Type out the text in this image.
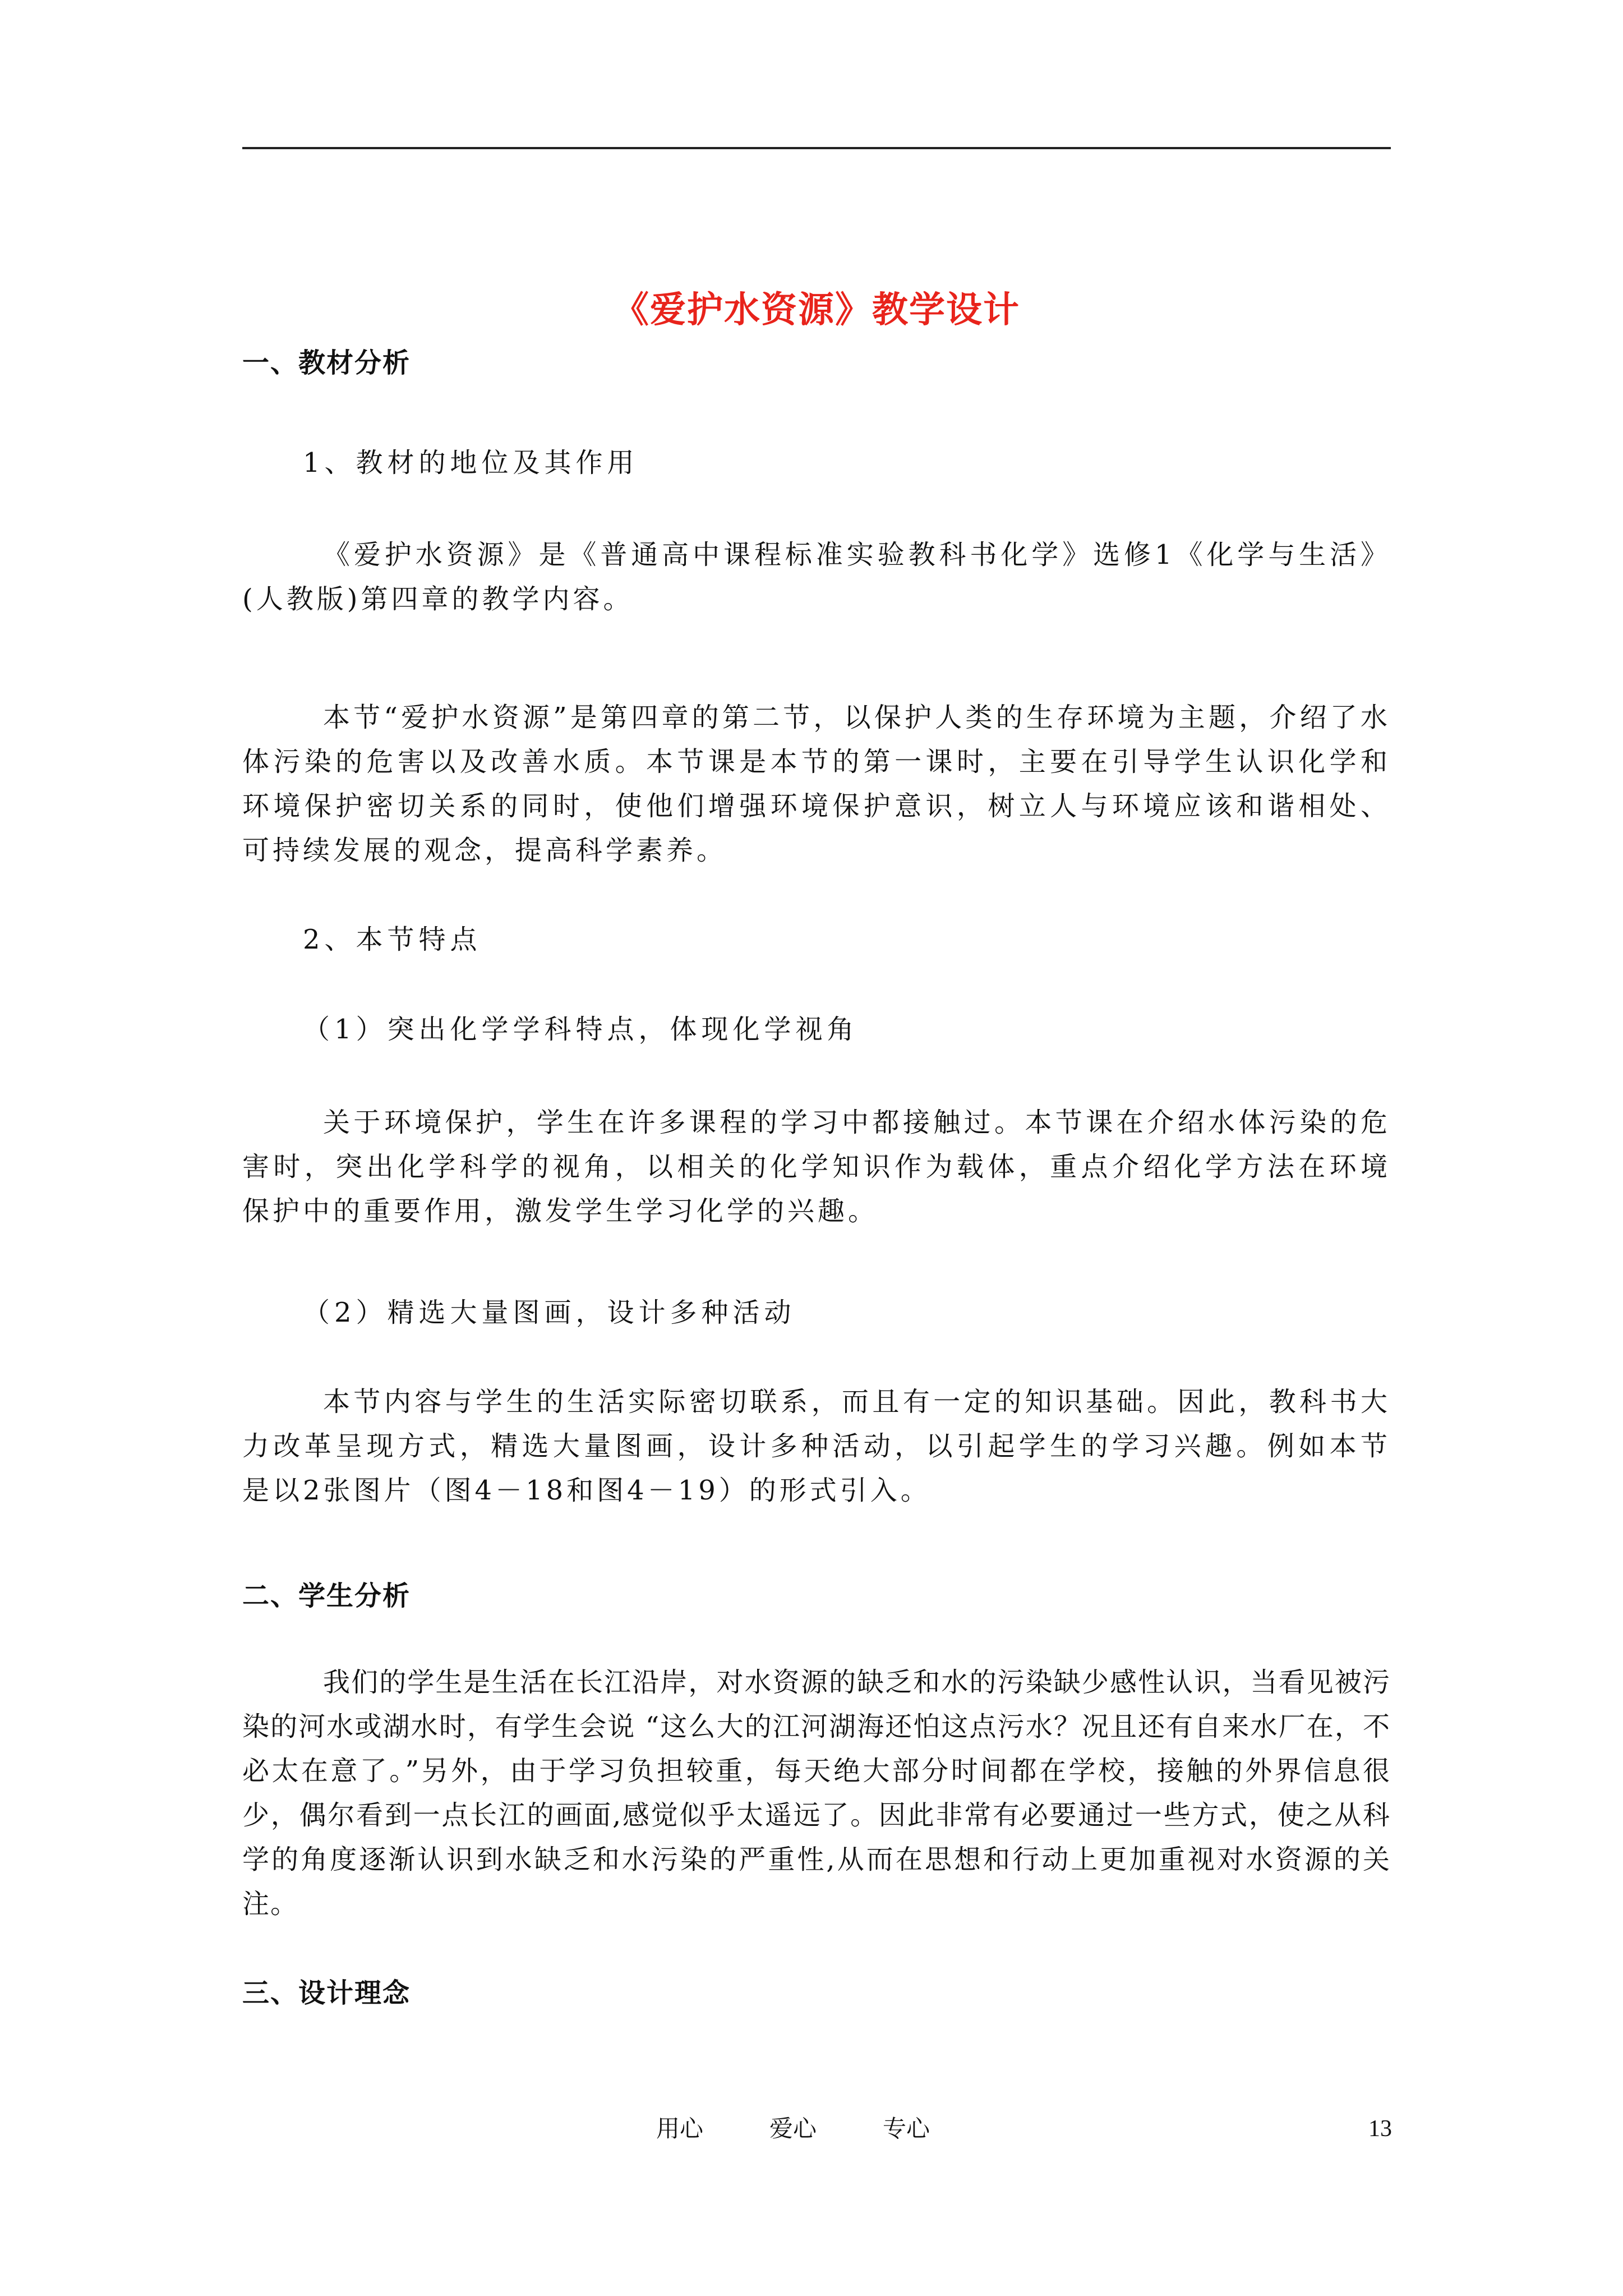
《爱护水资源》教学设计
一、教材分析
1、教材的地位及其作用
《爱护水资源》是《普通高中课程标准实验教科书化学》选修1《化学与生活》(人教版)第四章的教学内容。
本节“爱护水资源”是第四章的第二节，以保护人类的生存环境为主题，介绍了水体污染的危害以及改善水质。本节课是本节的第一课时，主要在引导学生认识化学和环境保护密切关系的同时，使他们增强环境保护意识，树立人与环境应该和谐相处、可持续发展的观念，提高科学素养。
2、本节特点
（1）突出化学学科特点，体现化学视角
关于环境保护，学生在许多课程的学习中都接触过。本节课在介绍水体污染的危害时，突出化学科学的视角，以相关的化学知识作为载体，重点介绍化学方法在环境保护中的重要作用，激发学生学习化学的兴趣。
（2）精选大量图画，设计多种活动
本节内容与学生的生活实际密切联系，而且有一定的知识基础。因此，教科书大力改革呈现方式，精选大量图画，设计多种活动，以引起学生的学习兴趣。例如本节是以2张图片（图4－18和图4－19）的形式引入。
二、学生分析
我们的学生是生活在长江沿岸，对水资源的缺乏和水的污染缺少感性认识，当看见被污染的河水或湖水时，有学生会说 “这么大的江河湖海还怕这点污水？况且还有自来水厂在，不必太在意了。”另外，由于学习负担较重，每天绝大部分时间都在学校，接触的外界信息很少，偶尔看到一点长江的画面,感觉似乎太遥远了。因此非常有必要通过一些方式，使之从科学的角度逐渐认识到水缺乏和水污染的严重性,从而在思想和行动上更加重视对水资源的关注。
三、设计理念
用心	爱心	专心	13
